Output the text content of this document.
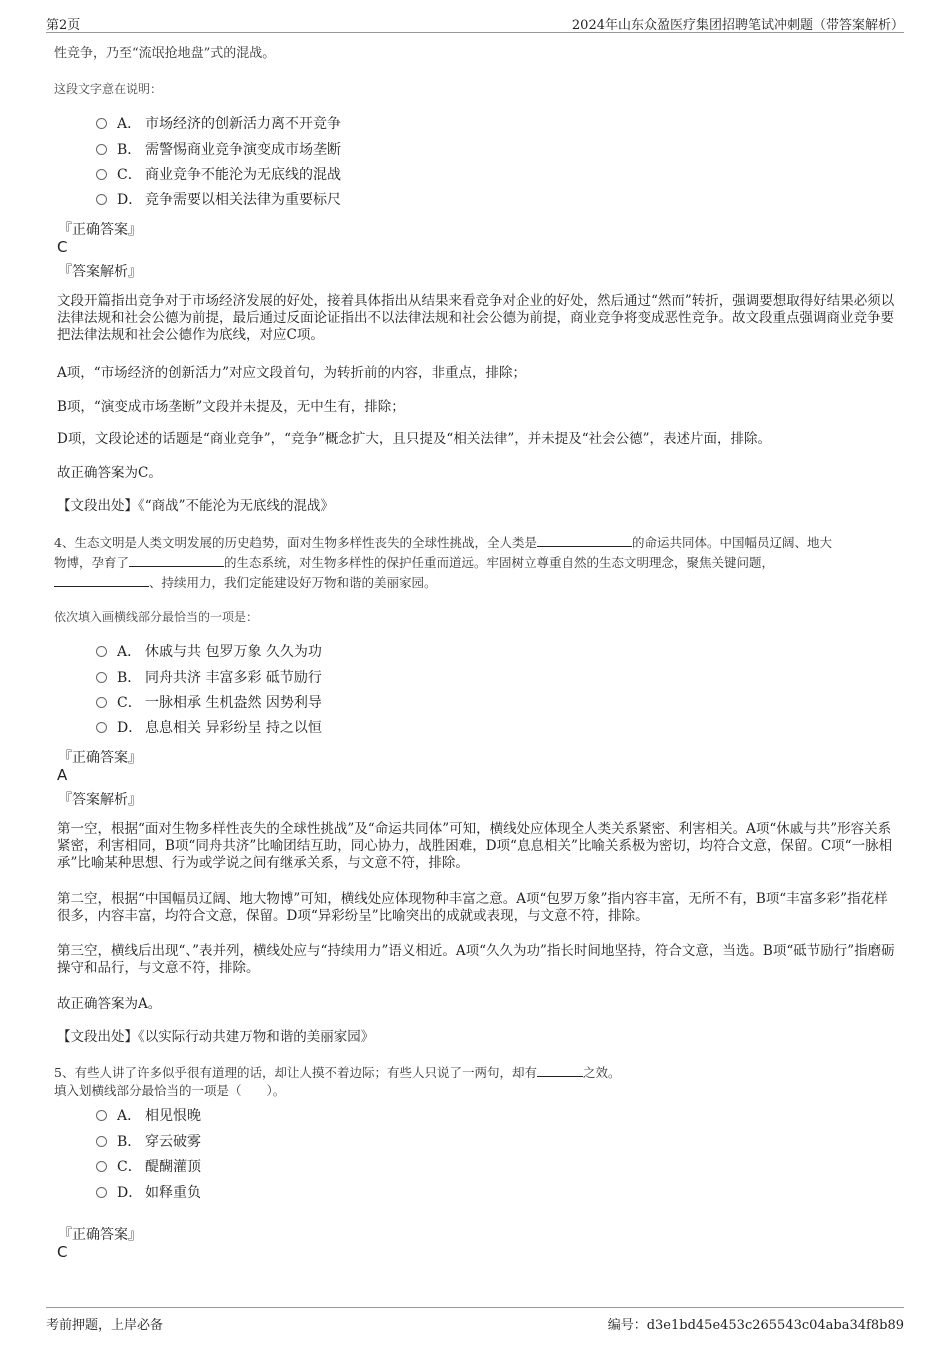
第2页	2024年山东众盈医疗集团招聘笔试冲刺题（带答案解析）
性竞争，乃至“流氓抢地盘”式的混战。
这段文字意在说明：
A． 市场经济的创新活力离不开竞争
B． 需警惕商业竞争演变成市场垄断
C． 商业竞争不能沦为无底线的混战
D． 竞争需要以相关法律为重要标尺
『正确答案』
C
『答案解析』
文段开篇指出竞争对于市场经济发展的好处，接着具体指出从结果来看竞争对企业的好处，然后通过“然而”转折，强调要想取得好结果必须以法律法规和社会公德为前提，最后通过反面论证指出不以法律法规和社会公德为前提，商业竞争将变成恶性竞争。故文段重点强调商业竞争要把法律法规和社会公德作为底线，对应C项。
A项，“市场经济的创新活力”对应文段首句，为转折前的内容，非重点，排除；
B项，“演变成市场垄断”文段并未提及，无中生有，排除；
D项，文段论述的话题是“商业竞争”，“竞争”概念扩大，且只提及“相关法律”，并未提及“社会公德”，表述片面，排除。
故正确答案为C。
【文段出处】《“商战”不能沦为无底线的混战》
4、生态文明是人类文明发展的历史趋势，面对生物多样性丧失的全球性挑战，全人类是	的命运共同体。中国幅员辽阔、地大
物博，孕育了	的生态系统，对生物多样性的保护任重而道远。牢固树立尊重自然的生态文明理念，聚焦关键问题，
、持续用力，我们定能建设好万物和谐的美丽家园。
依次填入画横线部分最恰当的一项是：
A． 休戚与共 包罗万象 久久为功
B． 同舟共济 丰富多彩 砥节励行
C． 一脉相承 生机盎然 因势利导
D． 息息相关 异彩纷呈 持之以恒
『正确答案』
A
『答案解析』
第一空，根据“面对生物多样性丧失的全球性挑战”及“命运共同体”可知，横线处应体现全人类关系紧密、利害相关。A项“休戚与共”形容关系紧密，利害相同，B项“同舟共济”比喻团结互助，同心协力，战胜困难，D项“息息相关”比喻关系极为密切，均符合文意，保留。C项“一脉相承”比喻某种思想、行为或学说之间有继承关系，与文意不符，排除。
第二空，根据“中国幅员辽阔、地大物博”可知，横线处应体现物种丰富之意。A项“包罗万象”指内容丰富，无所不有，B项“丰富多彩”指花样很多，内容丰富，均符合文意，保留。D项“异彩纷呈”比喻突出的成就或表现，与文意不符，排除。
第三空，横线后出现“、”表并列，横线处应与“持续用力”语义相近。A项“久久为功”指长时间地坚持，符合文意，当选。B项“砥节励行”指磨砺操守和品行，与文意不符，排除。
故正确答案为A。
【文段出处】《以实际行动共建万物和谐的美丽家园》
5、有些人讲了许多似乎很有道理的话，却让人摸不着边际；有些人只说了一两句，却有	之效。
填入划横线部分最恰当的一项是（　　）。
A． 相见恨晚
B． 穿云破雾
C． 醍醐灌顶
D． 如释重负
『正确答案』
C
考前押题，上岸必备	编号：d3e1bd45e453c265543c04aba34f8b89
